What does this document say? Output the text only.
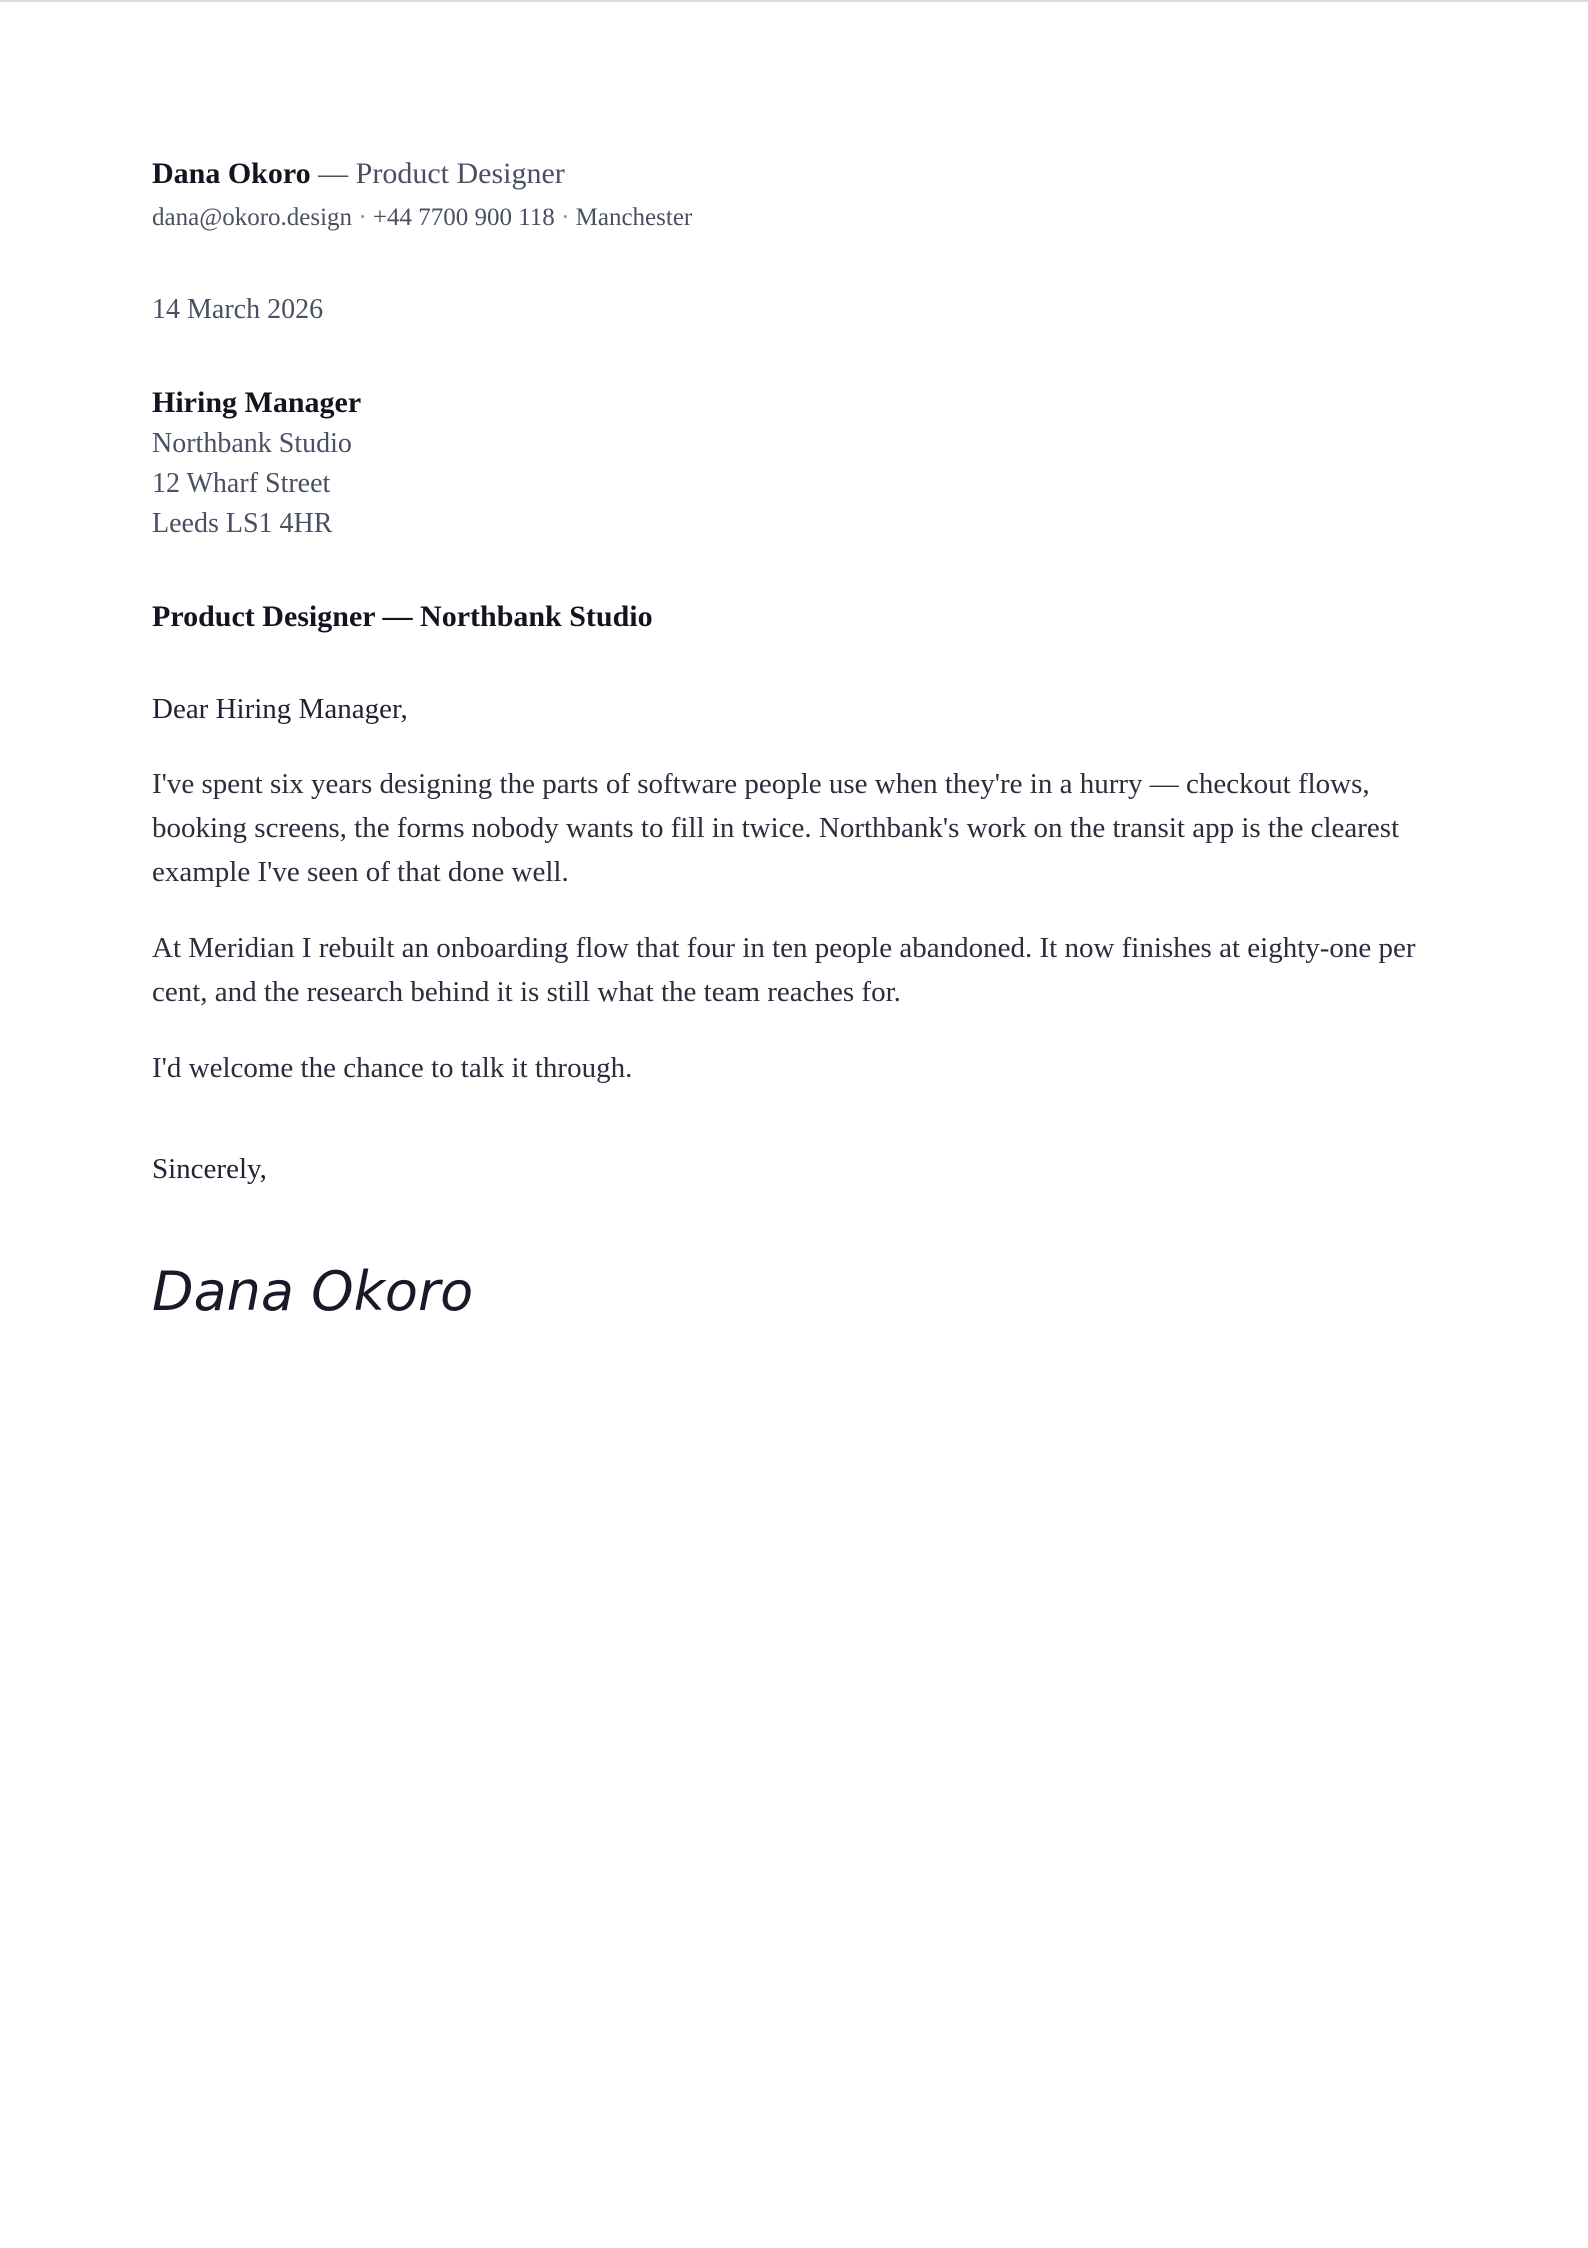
Dana Okoro — Product Designer
dana@okoro.design · +44 7700 900 118 · Manchester
14 March 2026
Hiring Manager
Northbank Studio
12 Wharf Street
Leeds LS1 4HR
Product Designer — Northbank Studio
Dear Hiring Manager,
I've spent six years designing the parts of software people use when they're in a hurry — checkout flows, booking screens, the forms nobody wants to fill in twice. Northbank's work on the transit app is the clearest example I've seen of that done well.
At Meridian I rebuilt an onboarding flow that four in ten people abandoned. It now finishes at eighty-one per cent, and the research behind it is still what the team reaches for.
I'd welcome the chance to talk it through.
Sincerely,
Dana Okoro
